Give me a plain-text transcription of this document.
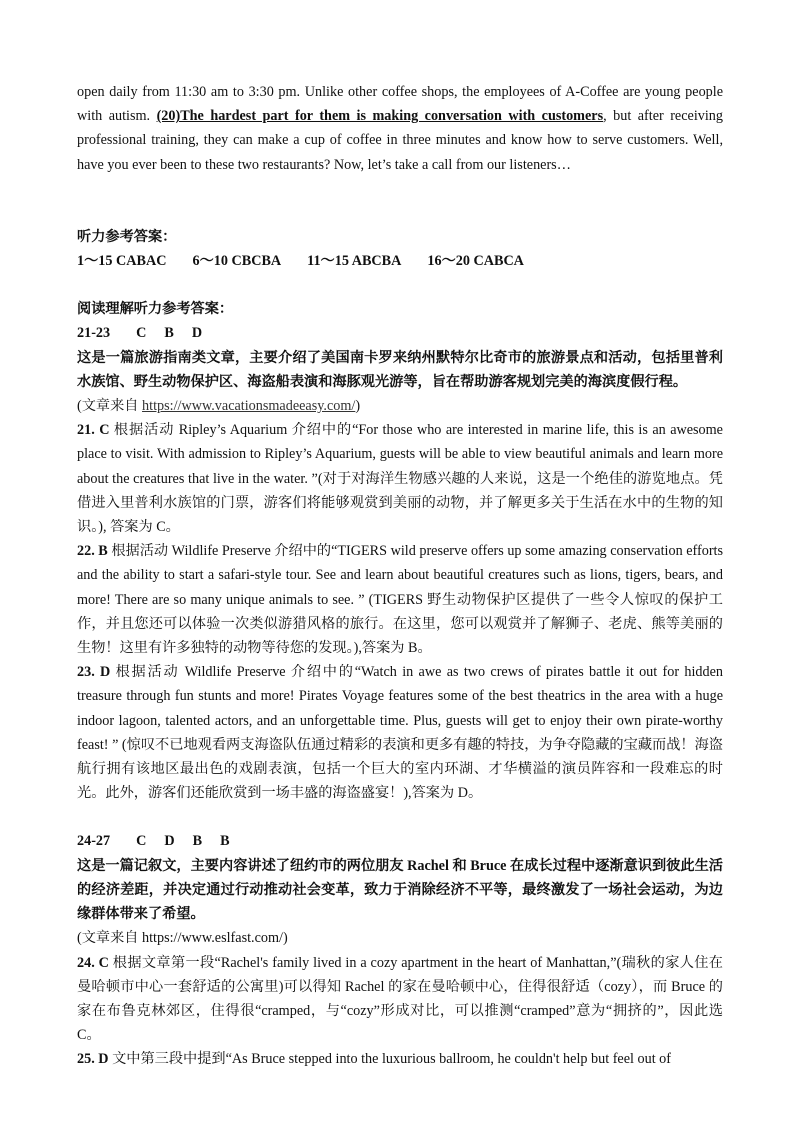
open daily from 11:30 am to 3:30 pm. Unlike other coffee shops, the employees of A-Coffee are young people with autism. (20)The hardest part for them is making conversation with customers, but after receiving professional training, they can make a cup of coffee in three minutes and know how to serve customers. Well, have you ever been to these two restaurants? Now, let’s take a call from our listeners…

听力参考答案：

1～15 CABAC 6～10 CBCBA 11～15 ABCBA 16～20 CABCA

阅读理解听力参考答案：

21-23 C B D

这是一篇旅游指南类文章，主要介绍了美国南卡罗来纳州默特尔比奇市的旅游景点和活动，包括里普利水族馆、野生动物保护区、海盗船表演和海豚观光游等，旨在帮助游客规划完美的海滨度假行程。

(文章来自 https://www.vacationsmadeeasy.com/)

21. C 根据活动 Ripley’s Aquarium 介绍中的“For those who are interested in marine life, this is an awesome place to visit. With admission to Ripley’s Aquarium, guests will be able to view beautiful animals and learn more about the creatures that live in the water. ”(对于对海洋生物感兴趣的人来说，这是一个绝佳的游览地点。凭借进入里普利水族馆的门票，游客们将能够观赏到美丽的动物，并了解更多关于生活在水中的生物的知识。), 答案为 C。

22. B 根据活动 Wildlife Preserve 介绍中的“TIGERS wild preserve offers up some amazing conservation efforts and the ability to start a safari-style tour. See and learn about beautiful creatures such as lions, tigers, bears, and more! There are so many unique animals to see. ” (TIGERS 野生动物保护区提供了一些令人惊叹的保护工作，并且您还可以体验一次类似游猎风格的旅行。在这里，您可以观赏并了解狮子、老虎、熊等美丽的生物！这里有许多独特的动物等待您的发现。),答案为 B。

23. D 根据活动 Wildlife Preserve 介绍中的“Watch in awe as two crews of pirates battle it out for hidden treasure through fun stunts and more! Pirates Voyage features some of the best theatrics in the area with a huge indoor lagoon, talented actors, and an unforgettable time. Plus, guests will get to enjoy their own pirate-worthy feast! ” (惊叹不已地观看两支海盗队伍通过精彩的表演和更多有趣的特技，为争夺隐藏的宝藏而战！海盗航行拥有该地区最出色的戏剧表演，包括一个巨大的室内环湖、才华横溢的演员阵容和一段难忘的时光。此外，游客们还能欣赏到一场丰盛的海盗盛宴！),答案为 D。

24-27 C D B B

这是一篇记叙文，主要内容讲述了纽约市的两位朋友 Rachel 和 Bruce 在成长过程中逐渐意识到彼此生活的经济差距，并决定通过行动推动社会变革，致力于消除经济不平等，最终激发了一场社会运动，为边缘群体带来了希望。

(文章来自 https://www.eslfast.com/)

24. C 根据文章第一段“Rachel's family lived in a cozy apartment in the heart of Manhattan,”(瑞秋的家人住在曼哈顿市中心一套舒适的公寓里)可以得知 Rachel 的家在曼哈顿中心，住得很舒适（cozy），而 Bruce 的家在布鲁克林郊区，住得很“cramped，与“cozy”形成对比，可以推测“cramped”意为“拥挤的”，因此选 C。

25. D 文中第三段中提到“As Bruce stepped into the luxurious ballroom, he couldn't help but feel out of
